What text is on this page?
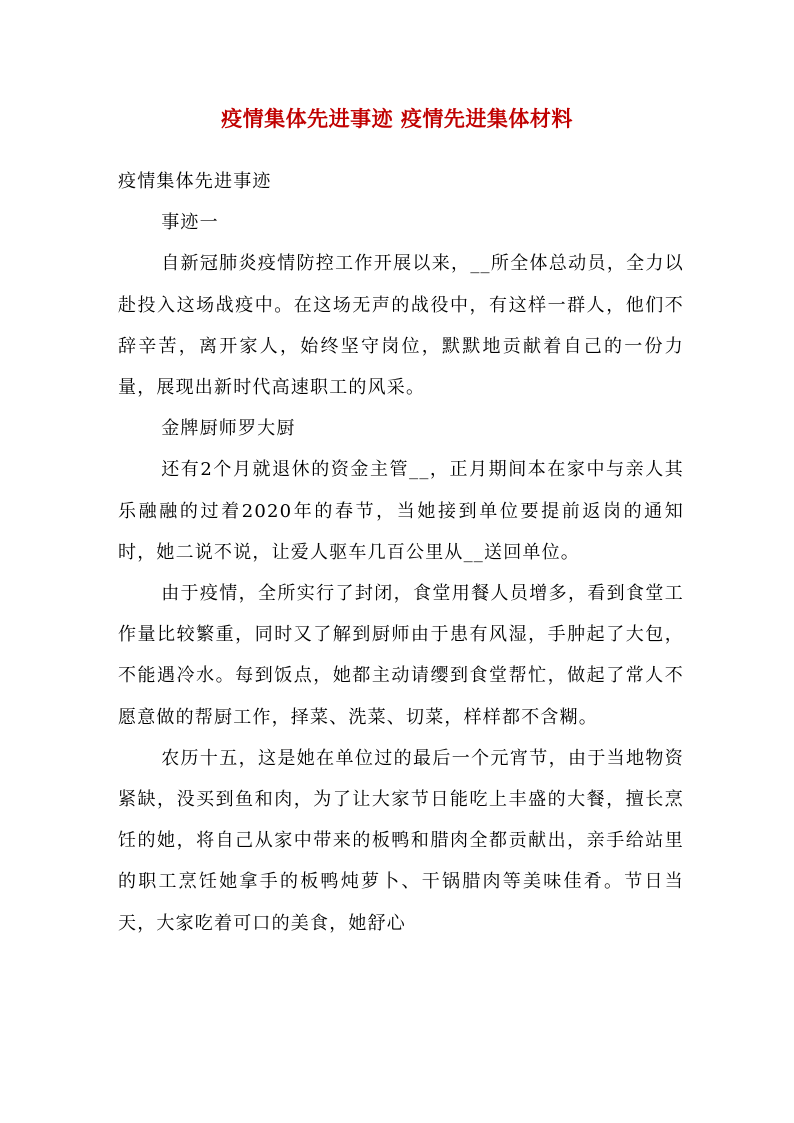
疫情集体先进事迹 疫情先进集体材料

疫情集体先进事迹

事迹一

自新冠肺炎疫情防控工作开展以来，__所全体总动员，全力以赴投入这场战疫中。在这场无声的战役中，有这样一群人，他们不辞辛苦，离开家人，始终坚守岗位，默默地贡献着自己的一份力量，展现出新时代高速职工的风采。

金牌厨师罗大厨

还有2个月就退休的资金主管__，正月期间本在家中与亲人其乐融融的过着2020年的春节，当她接到单位要提前返岗的通知时，她二说不说，让爱人驱车几百公里从__送回单位。

由于疫情，全所实行了封闭，食堂用餐人员增多，看到食堂工作量比较繁重，同时又了解到厨师由于患有风湿，手肿起了大包，不能遇冷水。每到饭点，她都主动请缨到食堂帮忙，做起了常人不愿意做的帮厨工作，择菜、洗菜、切菜，样样都不含糊。

农历十五，这是她在单位过的最后一个元宵节，由于当地物资紧缺，没买到鱼和肉，为了让大家节日能吃上丰盛的大餐，擅长烹饪的她，将自己从家中带来的板鸭和腊肉全都贡献出，亲手给站里的职工烹饪她拿手的板鸭炖萝卜、干锅腊肉等美味佳肴。节日当天，大家吃着可口的美食，她舒心
